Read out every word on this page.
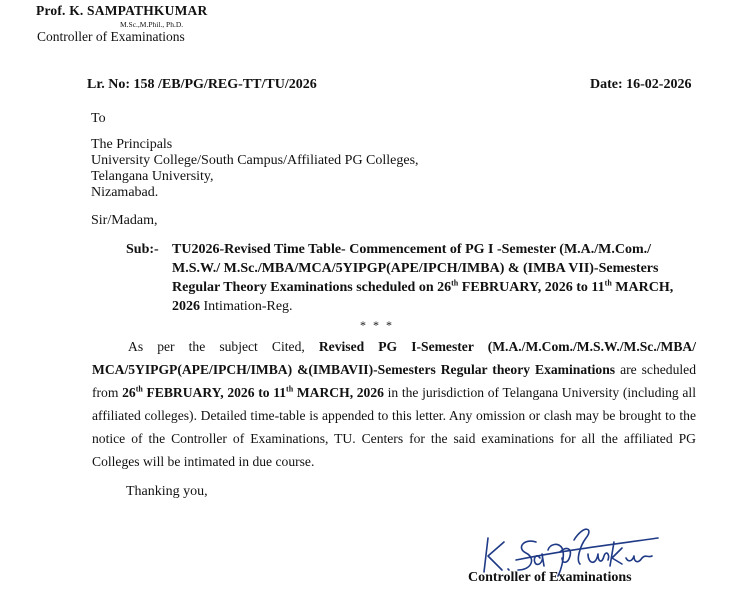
Prof. K. SAMPATHKUMAR
M.Sc.,M.Phil., Ph.D.
Controller of Examinations
Lr. No: 158 /EB/PG/REG-TT/TU/2026	Date: 16-02-2026
To
The Principals
University College/South Campus/Affiliated PG Colleges,
Telangana University,
Nizamabad.
Sir/Madam,
Sub:- TU2026-Revised Time Table- Commencement of PG I -Semester (M.A./M.Com./ M.S.W./ M.Sc./MBA/MCA/5YIPGP(APE/IPCH/IMBA) & (IMBA VII)-Semesters Regular Theory Examinations scheduled on 26th FEBRUARY, 2026 to 11th MARCH, 2026 Intimation-Reg.
* * *
As per the subject Cited, Revised PG I-Semester (M.A./M.Com./M.S.W./M.Sc./MBA/ MCA/5YIPGP(APE/IPCH/IMBA) &(IMBAVII)-Semesters Regular theory Examinations are scheduled from 26th FEBRUARY, 2026 to 11th MARCH, 2026 in the jurisdiction of Telangana University (including all affiliated colleges). Detailed time-table is appended to this letter. Any omission or clash may be brought to the notice of the Controller of Examinations, TU. Centers for the said examinations for all the affiliated PG Colleges will be intimated in due course.
Thanking you,
Controller of Examinations
